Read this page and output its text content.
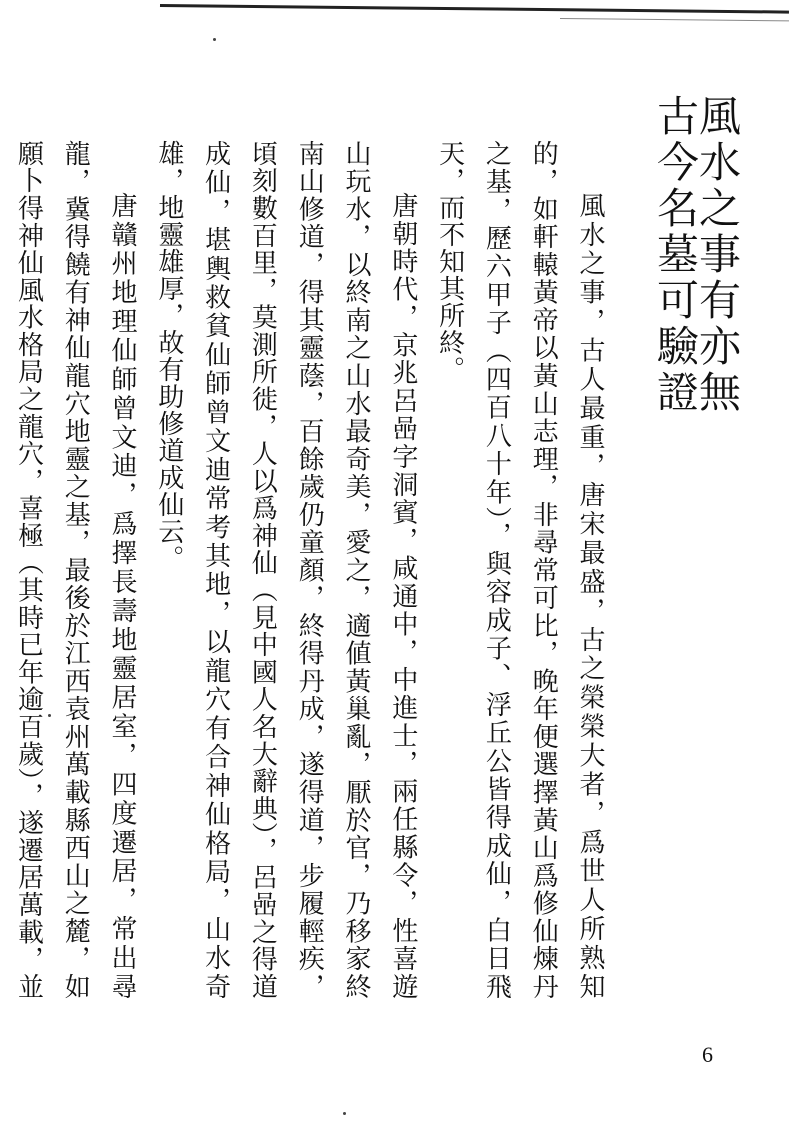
風水之事有亦無
古今名墓可驗證

風水之事，古人最重，唐宋最盛，古之榮榮大者，爲世人所熟知的，如軒轅黃帝以黃山志理，非尋常可比，晚年便選擇黃山爲修仙煉丹之基，歷六甲子（四百八十年），與容成子、浮丘公皆得成仙，白日飛天，而不知其所終。

唐朝時代，京兆呂喦字洞賓，咸通中，中進士，兩任縣令，性喜遊山玩水，以終南之山水最奇美，愛之，適値黃巢亂，厭於官，乃移家終南山修道，得其靈蔭，百餘歲仍童顏，終得丹成，遂得道，步履輕疾，頃刻數百里，莫測所徙，人以爲神仙（見中國人名大辭典），呂喦之得道成仙，堪輿救貧仙師曾文迪常考其地，以龍穴有合神仙格局，山水奇雄，地靈雄厚，故有助修道成仙云。

唐贛州地理仙師曾文迪，爲擇長壽地靈居室，四度遷居，常出尋龍，冀得饒有神仙龍穴地靈之基，最後於江西袁州萬載縣西山之麓，如願卜得神仙風水格局之龍穴，喜極（其時已年逾百歲），遂遷居萬載，並

6
